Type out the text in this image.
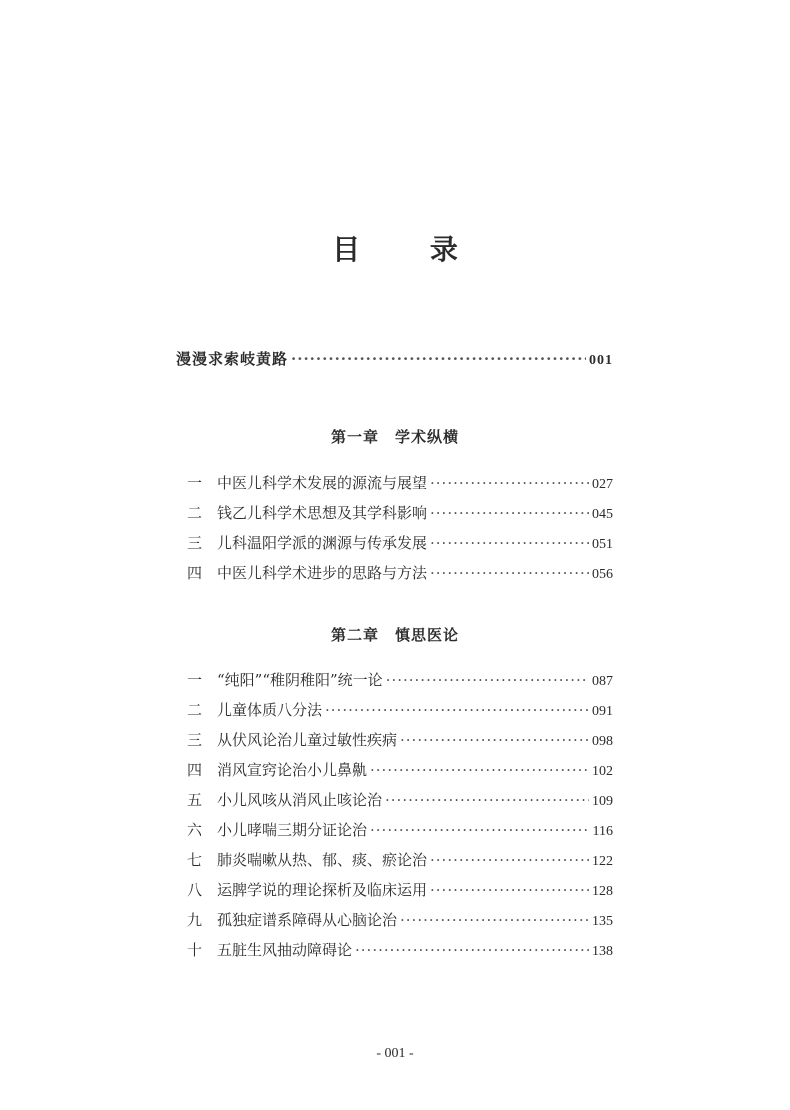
目 录
漫漫求索岐黄路 ·····	001
第一章　学术纵横
一 中医儿科学术发展的源流与展望 ·····	027
二 钱乙儿科学术思想及其学科影响 ·····	045
三 儿科温阳学派的渊源与传承发展 ·····	051
四 中医儿科学术进步的思路与方法 ·····	056
第二章　慎思医论
一 “纯阳”“稚阴稚阳”统一论 ·····	087
二 儿童体质八分法 ·····	091
三 从伏风论治儿童过敏性疾病 ·····	098
四 消风宣窍论治小儿鼻鼽 ·····	102
五 小儿风咳从消风止咳论治 ·····	109
六 小儿哮喘三期分证论治 ·····	116
七 肺炎喘嗽从热、郁、痰、瘀论治 ·····	122
八 运脾学说的理论探析及临床运用 ·····	128
九 孤独症谱系障碍从心脑论治 ·····	135
十 五脏生风抽动障碍论 ·····	138
- 001 -
